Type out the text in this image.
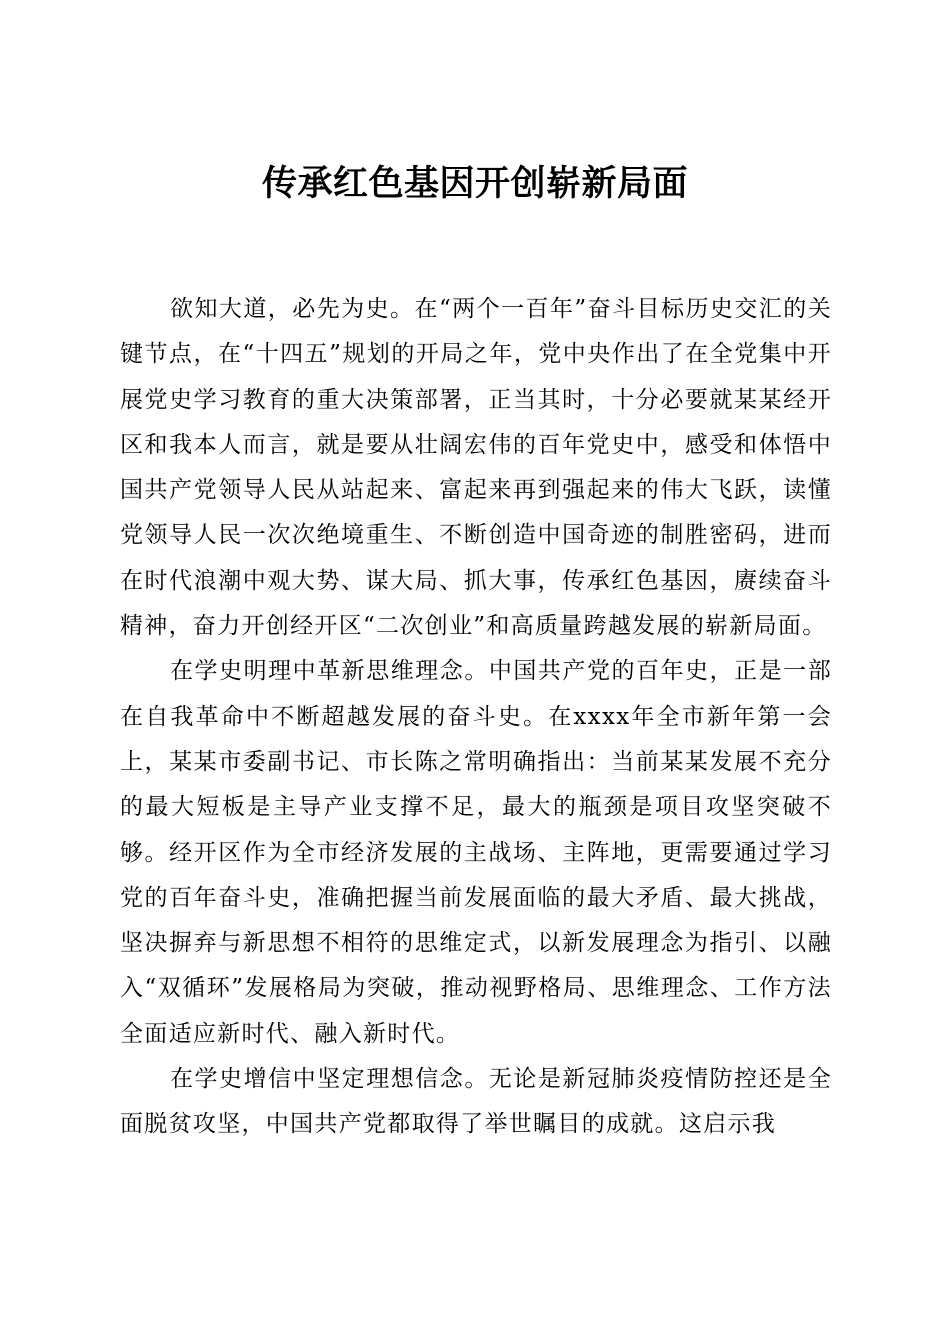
传承红色基因开创崭新局面

欲知大道，必先为史。在“两个一百年”奋斗目标历史交汇的关键节点，在“十四五”规划的开局之年，党中央作出了在全党集中开展党史学习教育的重大决策部署，正当其时，十分必要就某某经开区和我本人而言，就是要从壮阔宏伟的百年党史中，感受和体悟中国共产党领导人民从站起来、富起来再到强起来的伟大飞跃，读懂党领导人民一次次绝境重生、不断创造中国奇迹的制胜密码，进而在时代浪潮中观大势、谋大局、抓大事，传承红色基因，赓续奋斗精神，奋力开创经开区“二次创业”和高质量跨越发展的崭新局面。

在学史明理中革新思维理念。中国共产党的百年史，正是一部在自我革命中不断超越发展的奋斗史。在xxxx年全市新年第一会上，某某市委副书记、市长陈之常明确指出：当前某某发展不充分的最大短板是主导产业支撑不足，最大的瓶颈是项目攻坚突破不够。经开区作为全市经济发展的主战场、主阵地，更需要通过学习党的百年奋斗史，准确把握当前发展面临的最大矛盾、最大挑战，坚决摒弃与新思想不相符的思维定式，以新发展理念为指引、以融入“双循环”发展格局为突破，推动视野格局、思维理念、工作方法全面适应新时代、融入新时代。

在学史增信中坚定理想信念。无论是新冠肺炎疫情防控还是全面脱贫攻坚，中国共产党都取得了举世瞩目的成就。这启示我
